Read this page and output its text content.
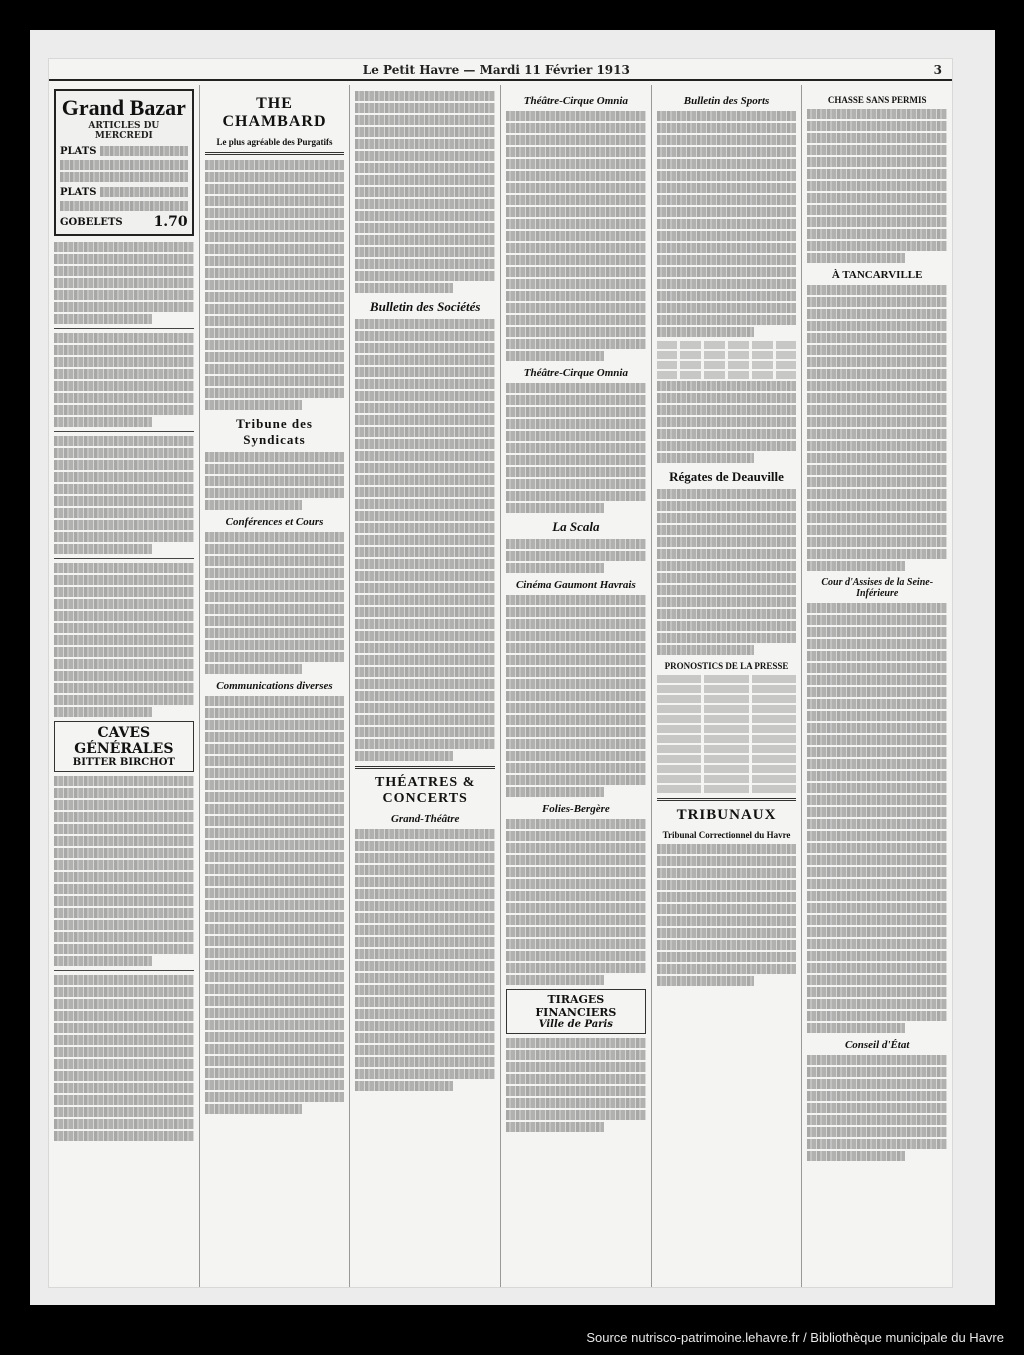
Le Petit Havre — Mardi 11 Février 1913	3
Grand Bazar
ARTICLES DU MERCREDI
PLATS
PLATS
GOBELETS 1.70
CAVES GÉNÉRALES
BITTER BIRCHOT
THE CHAMBARD
Le plus agréable des Purgatifs
Tribune des Syndicats
Conférences et Cours
Communications diverses
Bulletin des Sociétés
THÉATRES & CONCERTS
Grand-Théâtre
Théâtre-Cirque Omnia
Théâtre-Cirque Omnia
La Scala
Cinéma Gaumont Havrais
Folies-Bergère
TIRAGES FINANCIERS
Ville de Paris
Bulletin des Sports
Régates de Deauville
PRONOSTICS DE LA PRESSE
TRIBUNAUX
Tribunal Correctionnel du Havre
CHASSE SANS PERMIS
À TANCARVILLE
Cour d'Assises de la Seine-Inférieure
Conseil d'État
Source nutrisco-patrimoine.lehavre.fr / Bibliothèque municipale du Havre
